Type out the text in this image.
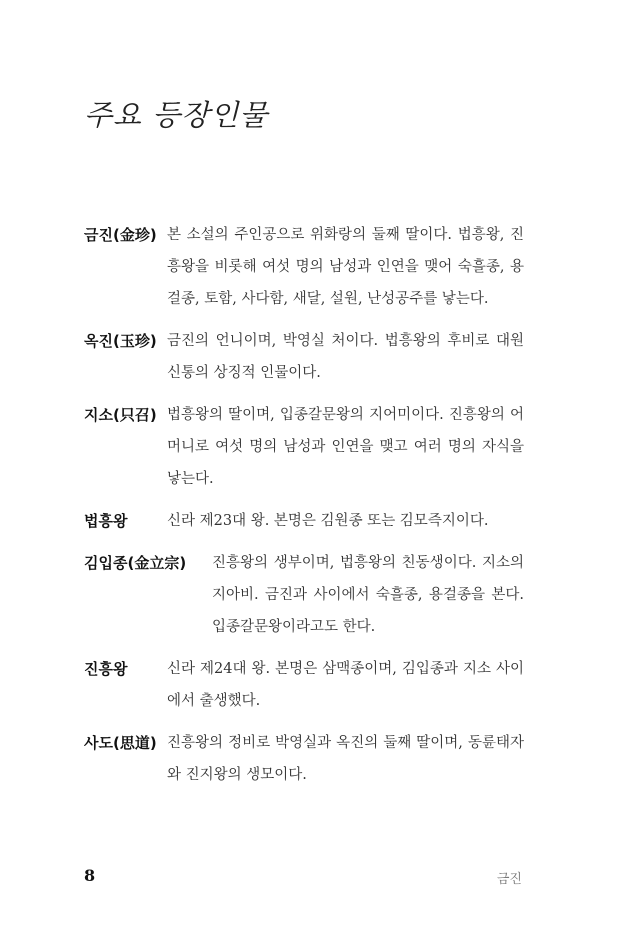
주요 등장인물
금진(金珍) 본 소설의 주인공으로 위화랑의 둘째 딸이다. 법흥왕, 진흥왕을 비롯해 여섯 명의 남성과 인연을 맺어 숙흘종, 용걸종, 토함, 사다함, 새달, 설원, 난성공주를 낳는다.
옥진(玉珍) 금진의 언니이며, 박영실 처이다. 법흥왕의 후비로 대원신통의 상징적 인물이다.
지소(只召) 법흥왕의 딸이며, 입종갈문왕의 지어미이다. 진흥왕의 어머니로 여섯 명의 남성과 인연을 맺고 여러 명의 자식을 낳는다.
법흥왕	신라 제23대 왕. 본명은 김원종 또는 김모즉지이다.
김입종(金立宗) 진흥왕의 생부이며, 법흥왕의 친동생이다. 지소의 지아비. 금진과 사이에서 숙흘종, 용걸종을 본다. 입종갈문왕이라고도 한다.
진흥왕	신라 제24대 왕. 본명은 삼맥종이며, 김입종과 지소 사이에서 출생했다.
사도(思道) 진흥왕의 정비로 박영실과 옥진의 둘째 딸이며, 동륜태자와 진지왕의 생모이다.
8	금진
